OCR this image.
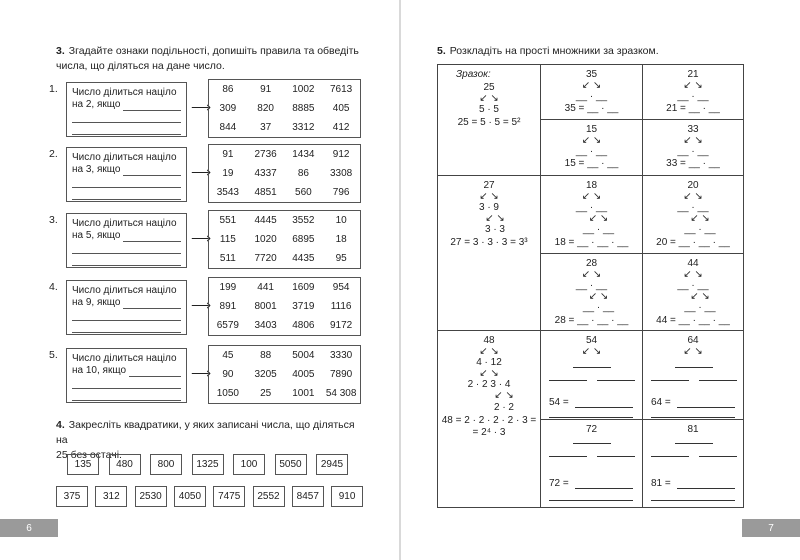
3. Згадайте ознаки подільності, допишіть правила та обведіть
числа, що діляться на дане число.
1. Число ділиться націло
на 2, якщо	⟶
86	91	1002	7613
309	820	8885	405
844	37	3312	412
2. Число ділиться націло
на 3, якщо	⟶
91	2736	1434	912
19	4337	86	3308
3543	4851	560	796
3. Число ділиться націло
на 5, якщо	⟶
551	4445	3552	10
115	1020	6895	18
511	7720	4435	95
4. Число ділиться націло
на 9, якщо	⟶
199	441	1609	954
891	8001	3719	1116
6579	3403	4806	9172
5. Число ділиться націло
на 10, якщо	⟶
45	88	5004	3330
90	3205	4005	7890
1050	25	1001	54 308
4. Закресліть квадратики, у яких записані числа, що діляться на
25 без остачі.
135	480	800	1325	100	5050	2945
375	312	2530	4050	7475	2552	8457	910
6
5. Розкладіть на прості множники за зразком.
Зразок:
25
↙ ↘
5 · 5
25 = 5 · 5 = 5²
27
↙ ↘
3 · 9
↙ ↘
3 · 3
27 = 3 · 3 · 3 = 3³
48
↙ ↘
4 · 12
↙ ↘
2 · 2 3 · 4
↙ ↘
2 · 2
48 = 2 · 2 · 2 · 2 · 3 =
= 2⁴ · 3
35
↙ ↘
__ · __
35 = __ · __
21
↙ ↘
__ · __
21 = __ · __
15
↙ ↘
__ · __
15 = __ · __
33
↙ ↘
__ · __
33 = __ · __
18
↙ ↘
__ · __
↙ ↘
__ · __
18 = __ · __ · __
20
↙ ↘
__ · __
↙ ↘
__ · __
20 = __ · __ · __
28
↙ ↘
__ · __
↙ ↘
__ · __
28 = __ · __ · __
44
↙ ↘
__ · __
↙ ↘
__ · __
44 = __ · __ · __
54
↙ ↘
54 =
64
↙ ↘
64 =
72
72 =
81
81 =
7
